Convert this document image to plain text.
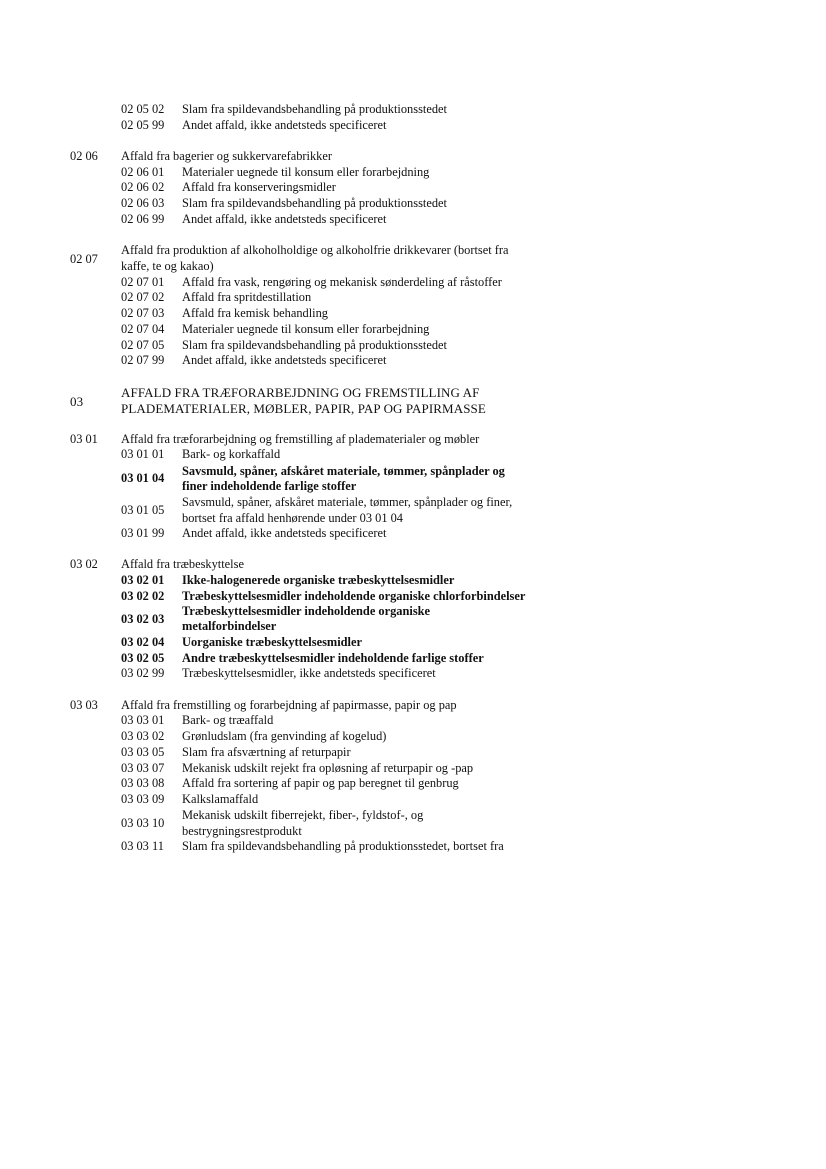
02 05 02 Slam fra spildevandsbehandling på produktionsstedet
02 05 99 Andet affald, ikke andetsteds specificeret
02 06 Affald fra bagerier og sukkervarefabrikker
02 06 01 Materialer uegnede til konsum eller forarbejdning
02 06 02 Affald fra konserveringsmidler
02 06 03 Slam fra spildevandsbehandling på produktionsstedet
02 06 99 Andet affald, ikke andetsteds specificeret
02 07
Affald fra produktion af alkoholholdige og alkoholfrie drikkevarer (bortset fra
kaffe, te og kakao)
02 07 01 Affald fra vask, rengøring og mekanisk sønderdeling af råstoffer
02 07 02 Affald fra spritdestillation
02 07 03 Affald fra kemisk behandling
02 07 04 Materialer uegnede til konsum eller forarbejdning
02 07 05 Slam fra spildevandsbehandling på produktionsstedet
02 07 99 Andet affald, ikke andetsteds specificeret
03
AFFALD FRA TRÆFORARBEJDNING OG FREMSTILLING AF
PLADEMATERIALER, MØBLER, PAPIR, PAP OG PAPIRMASSE
03 01 Affald fra træforarbejdning og fremstilling af pladematerialer og møbler
03 01 01 Bark- og korkaffald
03 01 04 Savsmuld, spåner, afskåret materiale, tømmer, spånplader og
finer indeholdende farlige stoffer
03 01 05
Savsmuld, spåner, afskåret materiale, tømmer, spånplader og finer,
bortset fra affald henhørende under 03 01 04
03 01 99 Andet affald, ikke andetsteds specificeret
03 02 Affald fra træbeskyttelse
03 02 01 Ikke-halogenerede organiske træbeskyttelsesmidler
03 02 02 Træbeskyttelsesmidler indeholdende organiske chlorforbindelser
03 02 03
Træbeskyttelsesmidler indeholdende organiske
metalforbindelser
03 02 04 Uorganiske træbeskyttelsesmidler
03 02 05 Andre træbeskyttelsesmidler indeholdende farlige stoffer
03 02 99 Træbeskyttelsesmidler, ikke andetsteds specificeret
03 03 Affald fra fremstilling og forarbejdning af papirmasse, papir og pap
03 03 01 Bark- og træaffald
03 03 02 Grønludslam (fra genvinding af kogelud)
03 03 05 Slam fra afsværtning af returpapir
03 03 07 Mekanisk udskilt rejekt fra opløsning af returpapir og -pap
03 03 08 Affald fra sortering af papir og pap beregnet til genbrug
03 03 09 Kalkslamaffald
03 03 10
Mekanisk udskilt fiberrejekt, fiber-, fyldstof-, og
bestrygningsrestprodukt
03 03 11 Slam fra spildevandsbehandling på produktionsstedet, bortset fra
